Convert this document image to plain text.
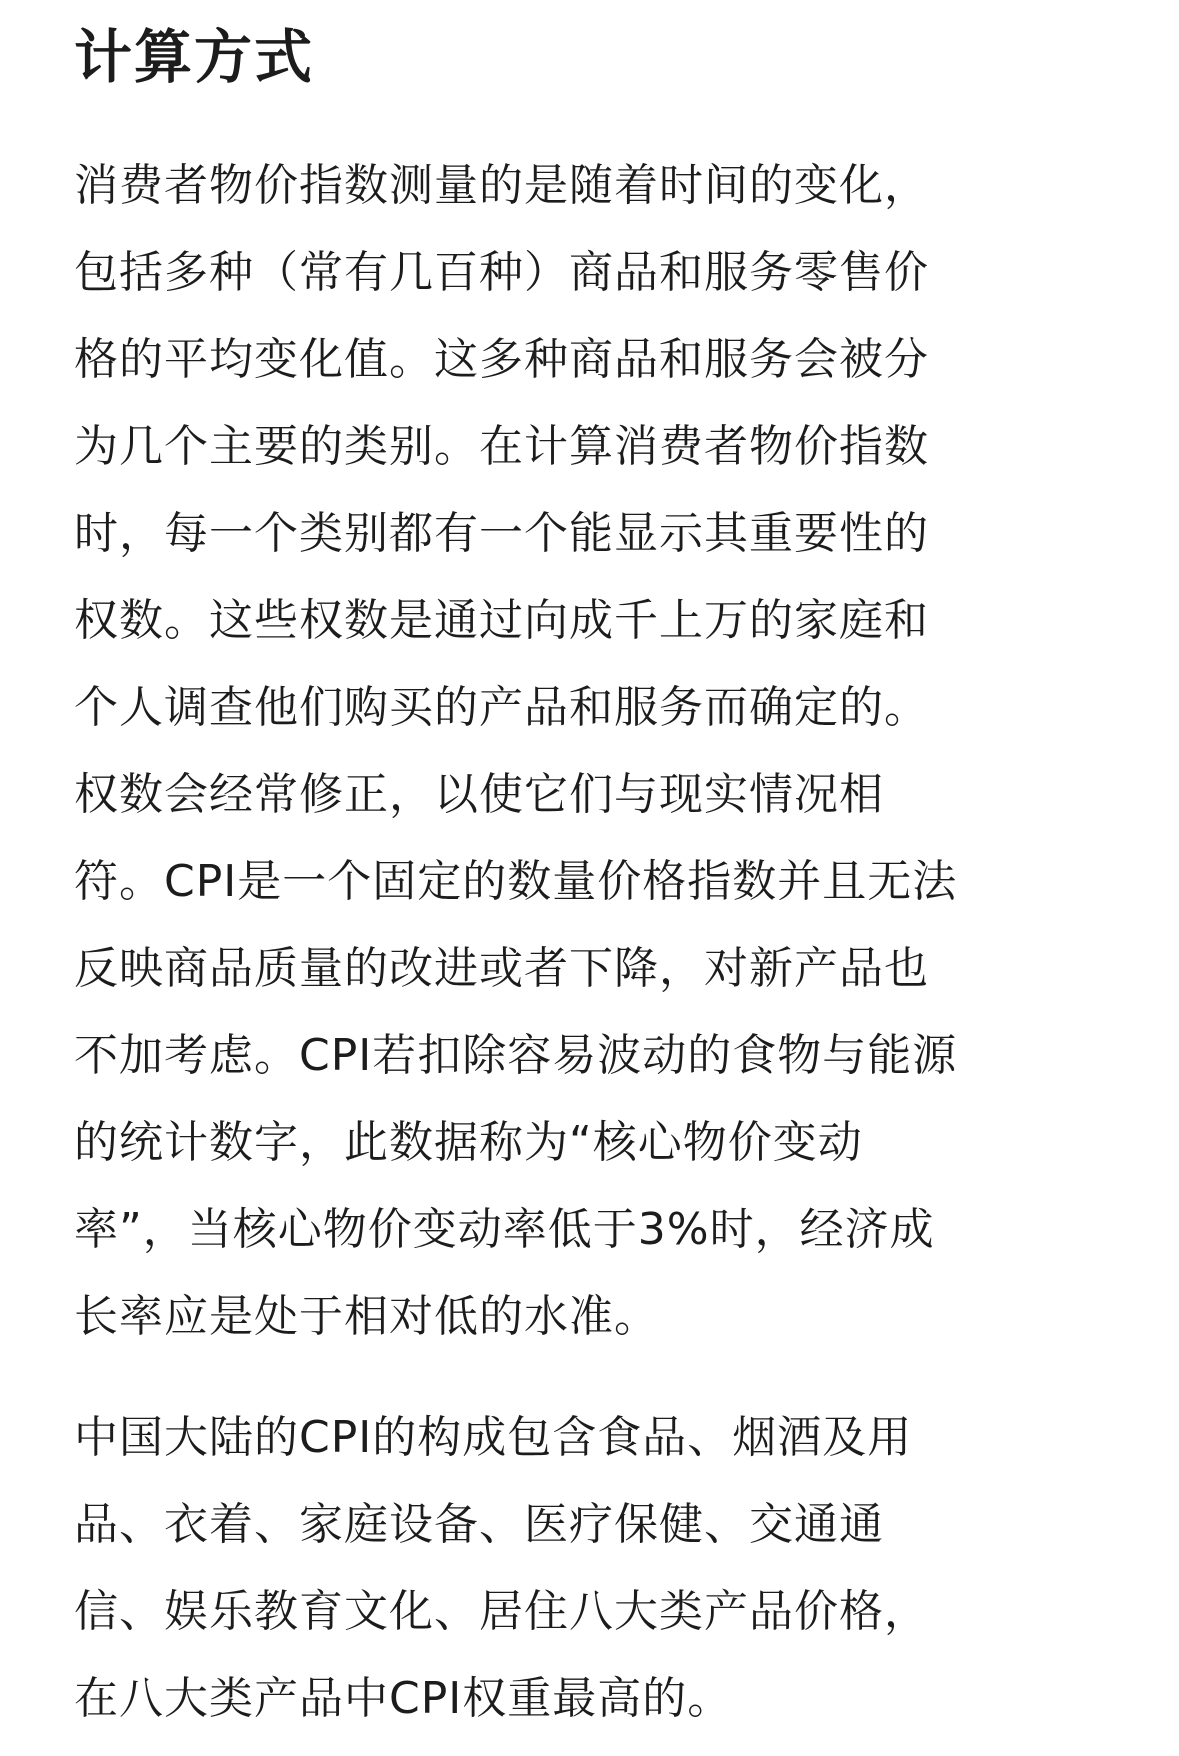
计算方式

消费者物价指数测量的是随着时间的变化，
包括多种（常有几百种）商品和服务零售价
格的平均变化值。这多种商品和服务会被分
为几个主要的类别。在计算消费者物价指数
时，每一个类别都有一个能显示其重要性的
权数。这些权数是通过向成千上万的家庭和
个人调查他们购买的产品和服务而确定的。
权数会经常修正，以使它们与现实情况相
符。CPI是一个固定的数量价格指数并且无法
反映商品质量的改进或者下降，对新产品也
不加考虑。CPI若扣除容易波动的食物与能源
的统计数字，此数据称为“核心物价变动
率”，当核心物价变动率低于3%时，经济成
长率应是处于相对低的水准。

中国大陆的CPI的构成包含食品、烟酒及用
品、衣着、家庭设备、医疗保健、交通通
信、娱乐教育文化、居住八大类产品价格，
在八大类产品中CPI权重最高的。
